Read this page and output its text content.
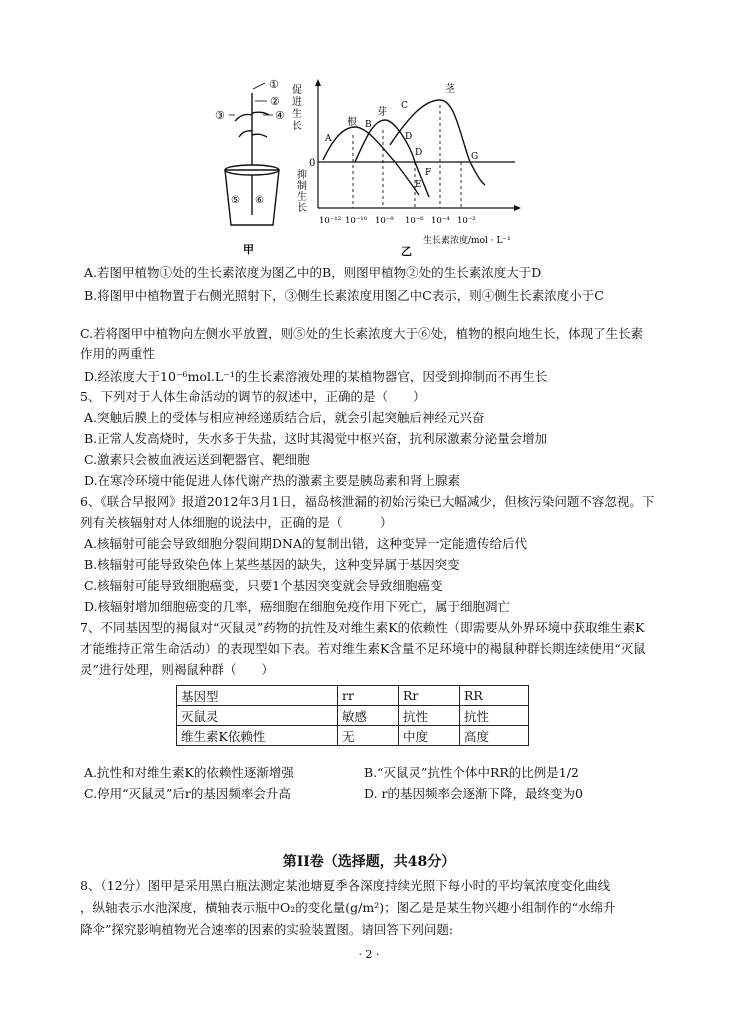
①
②
③	④
⑤ ⑥
甲
促
进
生
长
0
抑
制
生
长
根
芽
茎
A
B
C
D
E
F
G
D
10⁻¹² 10⁻¹⁰ 10⁻⁸ 10⁻⁶ 10⁻⁴ 10⁻²
生长素浓度/mol · L⁻¹
乙
A.若图甲植物①处的生长素浓度为图乙中的B，则图甲植物②处的生长素浓度大于D
B.将图甲中植物置于右侧光照射下，③侧生长素浓度用图乙中C表示，则④侧生长素浓度小于C
C.若将图甲中植物向左侧水平放置，则⑤处的生长素浓度大于⑥处，植物的根向地生长，体现了生长素
作用的两重性
D.经浓度大于10⁻⁶mol.L⁻¹的生长素溶液处理的某植物器官，因受到抑制而不再生长
5、下列对于人体生命活动的调节的叙述中，正确的是（　　）
A.突触后膜上的受体与相应神经递质结合后，就会引起突触后神经元兴奋
B.正常人发高烧时，失水多于失盐，这时其渴觉中枢兴奋，抗利尿激素分泌量会增加
C.激素只会被血液运送到靶器官、靶细胞
D.在寒冷环境中能促进人体代谢产热的激素主要是胰岛素和肾上腺素
6、《联合早报网》报道2012年3月1日，福岛核泄漏的初始污染已大幅减少，但核污染问题不容忽视。下
列有关核辐射对人体细胞的说法中，正确的是（　　　）
A.核辐射可能会导致细胞分裂间期DNA的复制出错，这种变异一定能遗传给后代
B.核辐射可能导致染色体上某些基因的缺失，这种变异属于基因突变
C.核辐射可能导致细胞癌变，只要1个基因突变就会导致细胞癌变
D.核辐射增加细胞癌变的几率，癌细胞在细胞免疫作用下死亡，属于细胞凋亡
7、不同基因型的褐鼠对“灭鼠灵”药物的抗性及对维生素K的依赖性（即需要从外界环境中获取维生素K
才能维持正常生命活动）的表现型如下表。若对维生素K含量不足环境中的褐鼠种群长期连续使用“灭鼠
灵”进行处理，则褐鼠种群（　　）
基因型	rr	Rr	RR
灭鼠灵	敏感	抗性	抗性
维生素K依赖性	无	中度	高度
A.抗性和对维生素K的依赖性逐渐增强	B.“灭鼠灵”抗性个体中RR的比例是1/2
C.停用“灭鼠灵”后r的基因频率会升高	D. r的基因频率会逐渐下降，最终变为0
第II卷（选择题，共48分）
8、（12分）图甲是采用黑白瓶法测定某池塘夏季各深度持续光照下每小时的平均氧浓度变化曲线
，纵轴表示水池深度，横轴表示瓶中O₂的变化量(g/m²)；图乙是是某生物兴趣小组制作的“水绵升
降伞”探究影响植物光合速率的因素的实验装置图。请回答下列问题:
· 2 ·
